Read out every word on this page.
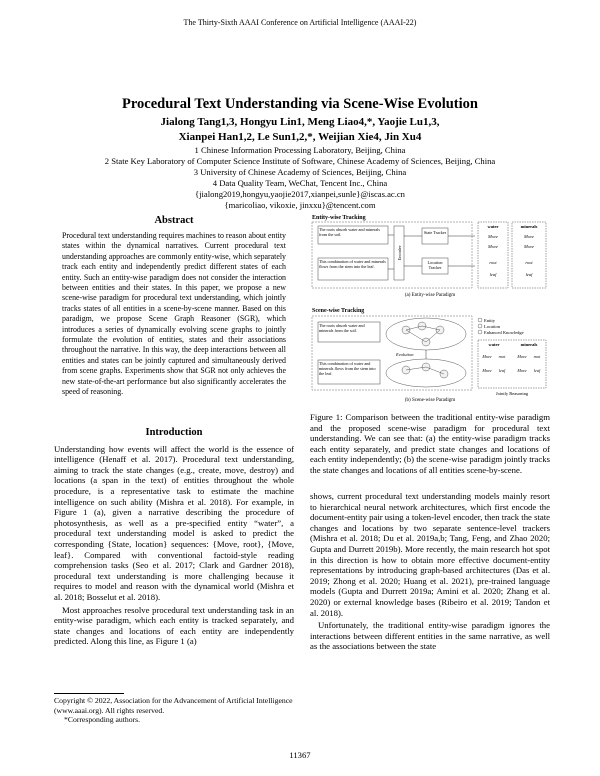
The Thirty-Sixth AAAI Conference on Artificial Intelligence (AAAI-22)
Procedural Text Understanding via Scene-Wise Evolution
Jialong Tang1,3, Hongyu Lin1, Meng Liao4,*, Yaojie Lu1,3,
Xianpei Han1,2, Le Sun1,2,*, Weijian Xie4, Jin Xu4
1 Chinese Information Processing Laboratory, Beijing, China
2 State Key Laboratory of Computer Science Institute of Software, Chinese Academy of Sciences, Beijing, China
3 University of Chinese Academy of Sciences, Beijing, China
4 Data Quality Team, WeChat, Tencent Inc., China
{jialong2019,hongyu,yaojie2017,xianpei,sunle}@iscas.ac.cn
{maricoliao, vikoxie, jinxxu}@tencent.com
Abstract
Procedural text understanding requires machines to reason about entity states within the dynamical narratives. Current procedural text understanding approaches are commonly entity-wise, which separately track each entity and independently predict different states of each entity. Such an entity-wise paradigm does not consider the interaction between entities and their states. In this paper, we propose a new scene-wise paradigm for procedural text understanding, which jointly tracks states of all entities in a scene-by-scene manner. Based on this paradigm, we propose Scene Graph Reasoner (SGR), which introduces a series of dynamically evolving scene graphs to jointly formulate the evolution of entities, states and their associations throughout the narrative. In this way, the deep interactions between all entities and states can be jointly captured and simultaneously derived from scene graphs. Experiments show that SGR not only achieves the new state-of-the-art performance but also significantly accelerates the speed of reasoning.
Introduction

Understanding how events will affect the world is the essence of intelligence (Henaff et al. 2017). Procedural text understanding, aiming to track the state changes (e.g., create, move, destroy) and locations (a span in the text) of entities throughout the whole procedure, is a representative task to estimate the machine intelligence on such ability (Mishra et al. 2018). For example, in Figure 1 (a), given a narrative describing the procedure of photosynthesis, as well as a pre-specified entity “water”, a procedural text understanding model is asked to predict the corresponding {State, location} sequences: {Move, root}, {Move, leaf}. Compared with conventional factoid-style reading comprehension tasks (Seo et al. 2017; Clark and Gardner 2018), procedural text understanding is more challenging because it requires to model and reason with the dynamical world (Mishra et al. 2018; Bosselut et al. 2018).

Most approaches resolve procedural text understanding task in an entity-wise paradigm, which each entity is tracked separately, and state changes and locations of each entity are independently predicted. Along this line, as Figure 1 (a)

Copyright © 2022, Association for the Advancement of Artificial Intelligence (www.aaai.org). All rights reserved.
*Corresponding authors.
Entity-wise Tracking
The roots absorb water and minerals from the soil.
This combination of water and minerals flows from the stem into the leaf.
Encoder
State Tracker
Location Tracker
water
Move
Move
root
leaf
minerals
Move
Move
root
leaf
(a) Entity-wise Paradigm
Scene-wise Tracking
The roots absorb water and minerals from the soil.
This combination of water and minerals flows from the stem into the leaf.
Evolution
Entity
Location
Enhanced Knowledge
water	minerals
Move root	Move root
Move leaf	Move leaf
Jointly Reasoning
(b) Scene-wise Paradigm
Figure 1: Comparison between the traditional entity-wise paradigm and the proposed scene-wise paradigm for procedural text understanding. We can see that: (a) the entity-wise paradigm tracks each entity separately, and predict state changes and locations of each entity independently; (b) the scene-wise paradigm jointly tracks the state changes and locations of all entities scene-by-scene.

shows, current procedural text understanding models mainly resort to hierarchical neural network architectures, which first encode the document-entity pair using a token-level encoder, then track the state changes and locations by two separate sentence-level trackers (Mishra et al. 2018; Du et al. 2019a,b; Tang, Feng, and Zhao 2020; Gupta and Durrett 2019b). More recently, the main research hot spot in this direction is how to obtain more effective document-entity representations by introducing graph-based architectures (Das et al. 2019; Zhong et al. 2020; Huang et al. 2021), pre-trained language models (Gupta and Durrett 2019a; Amini et al. 2020; Zhang et al. 2020) or external knowledge bases (Ribeiro et al. 2019; Tandon et al. 2018).

Unfortunately, the traditional entity-wise paradigm ignores the interactions between different entities in the same narrative, as well as the associations between the state

11367
